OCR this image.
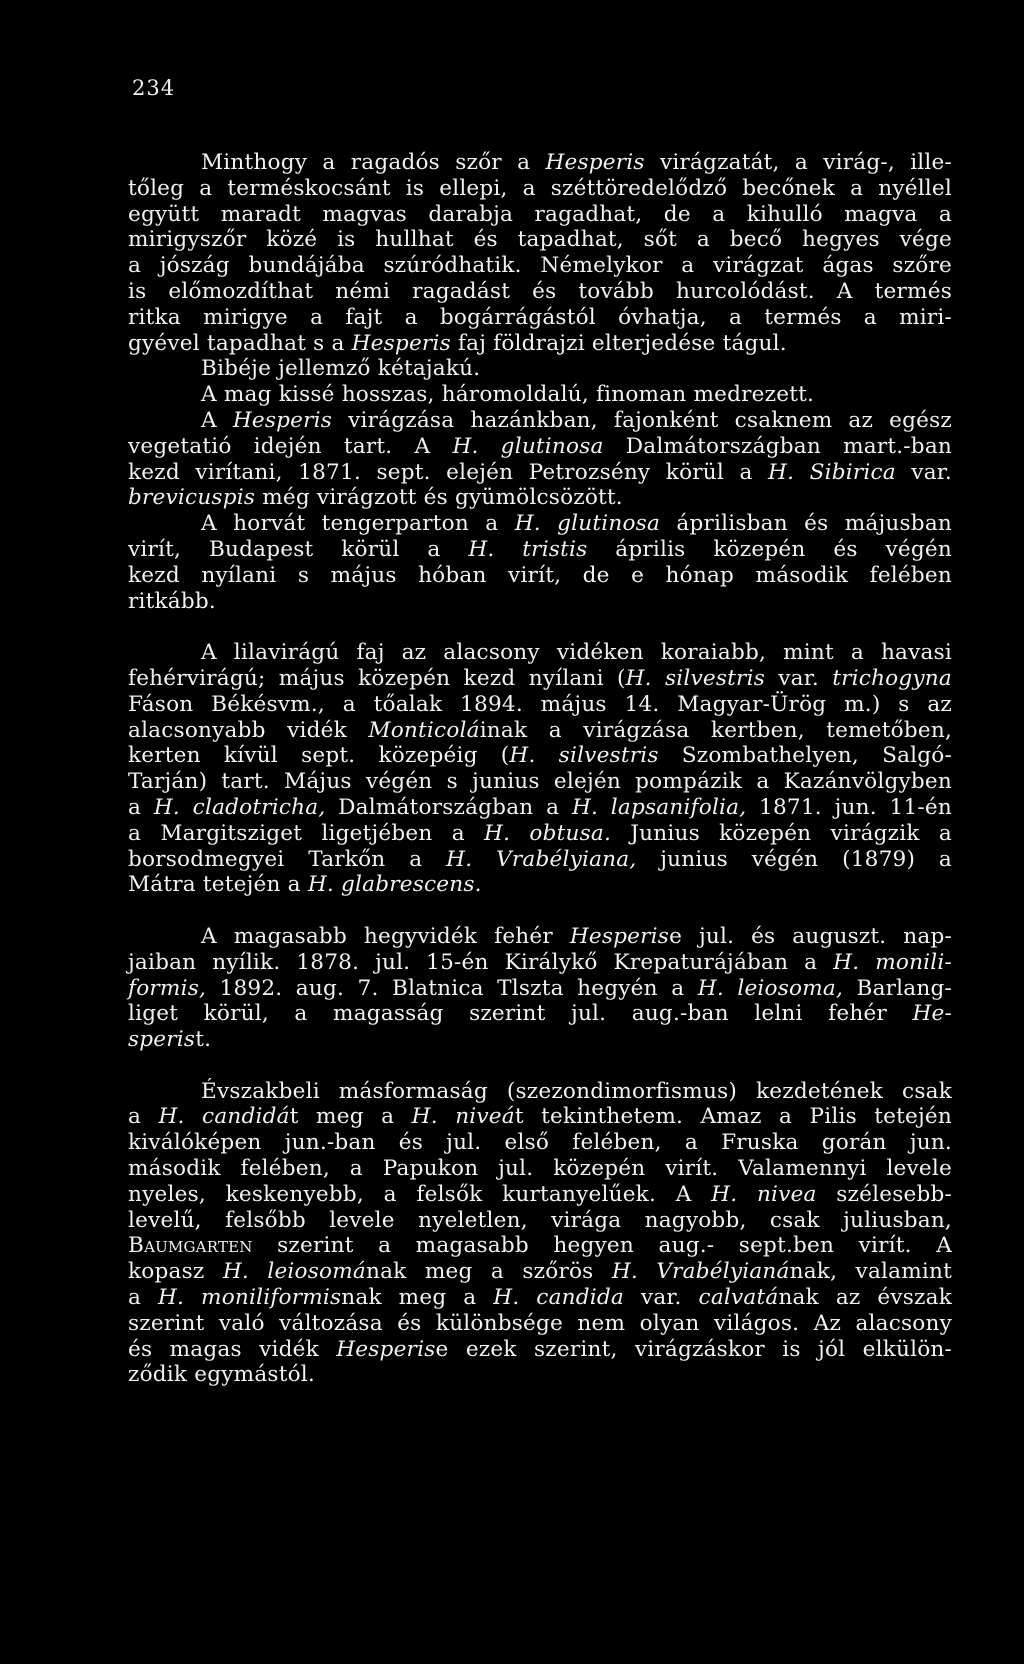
234
Minthogy a ragadós szőr a Hesperis virágzatát, a virág-, ille-
tőleg a terméskocsánt is ellepi, a széttöredelődző becőnek a nyéllel
együtt maradt magvas darabja ragadhat, de a kihulló magva a
mirigyszőr közé is hullhat és tapadhat, sőt a becő hegyes vége
a jószág bundájába szúródhatik. Némelykor a virágzat ágas szőre
is előmozdíthat némi ragadást és tovább hurcolódást. A termés
ritka mirigye a fajt a bogárrágástól óvhatja, a termés a miri-
gyével tapadhat s a Hesperis faj földrajzi elterjedése tágul.
Bibéje jellemző kétajakú.
A mag kissé hosszas, háromoldalú, finoman medrezett.
A Hesperis virágzása hazánkban, fajonként csaknem az egész
vegetatió idején tart. A H. glutinosa Dalmátországban mart.-ban
kezd virítani, 1871. sept. elején Petrozsény körül a H. Sibirica var.
brevicuspis még virágzott és gyümölcsözött.
A horvát tengerparton a H. glutinosa áprilisban és májusban
virít, Budapest körül a H. tristis április közepén és végén
kezd nyílani s május hóban virít, de e hónap második felében
ritkább.
A lilavirágú faj az alacsony vidéken koraiabb, mint a havasi
fehérvirágú; május közepén kezd nyílani (H. silvestris var. trichogyna
Fáson Békésvm., a tőalak 1894. május 14. Magyar-Ürög m.) s az
alacsonyabb vidék Monticoláinak a virágzása kertben, temetőben,
kerten kívül sept. közepéig (H. silvestris Szombathelyen, Salgó-
Tarján) tart. Május végén s junius elején pompázik a Kazánvölgyben
a H. cladotricha, Dalmátországban a H. lapsanifolia, 1871. jun. 11-én
a Margitsziget ligetjében a H. obtusa. Junius közepén virágzik a
borsodmegyei Tarkőn a H. Vrabélyiana, junius végén (1879) a
Mátra tetején a H. glabrescens.
A magasabb hegyvidék fehér Hesperise jul. és auguszt. nap-
jaiban nyílik. 1878. jul. 15-én Királykő Krepaturájában a H. monili-
formis, 1892. aug. 7. Blatnica Tlszta hegyén a H. leiosoma, Barlang-
liget körül, a magasság szerint jul. aug.-ban lelni fehér He-
sperist.
Évszakbeli másformaság (szezondimorfismus) kezdetének csak
a H. candidát meg a H. niveát tekinthetem. Amaz a Pilis tetején
kiválóképen jun.-ban és jul. első felében, a Fruska gorán jun.
második felében, a Papukon jul. közepén virít. Valamennyi levele
nyeles, keskenyebb, a felsők kurtanyelűek. A H. nivea szélesebb-
levelű, felsőbb levele nyeletlen, virága nagyobb, csak juliusban,
Baumgarten szerint a magasabb hegyen aug.- sept.ben virít. A
kopasz H. leiosomának meg a szőrös H. Vrabélyianának, valamint
a H. moniliformisnak meg a H. candida var. calvatának az évszak
szerint való változása és különbsége nem olyan világos. Az alacsony
és magas vidék Hesperise ezek szerint, virágzáskor is jól elkülön-
ződik egymástól.
